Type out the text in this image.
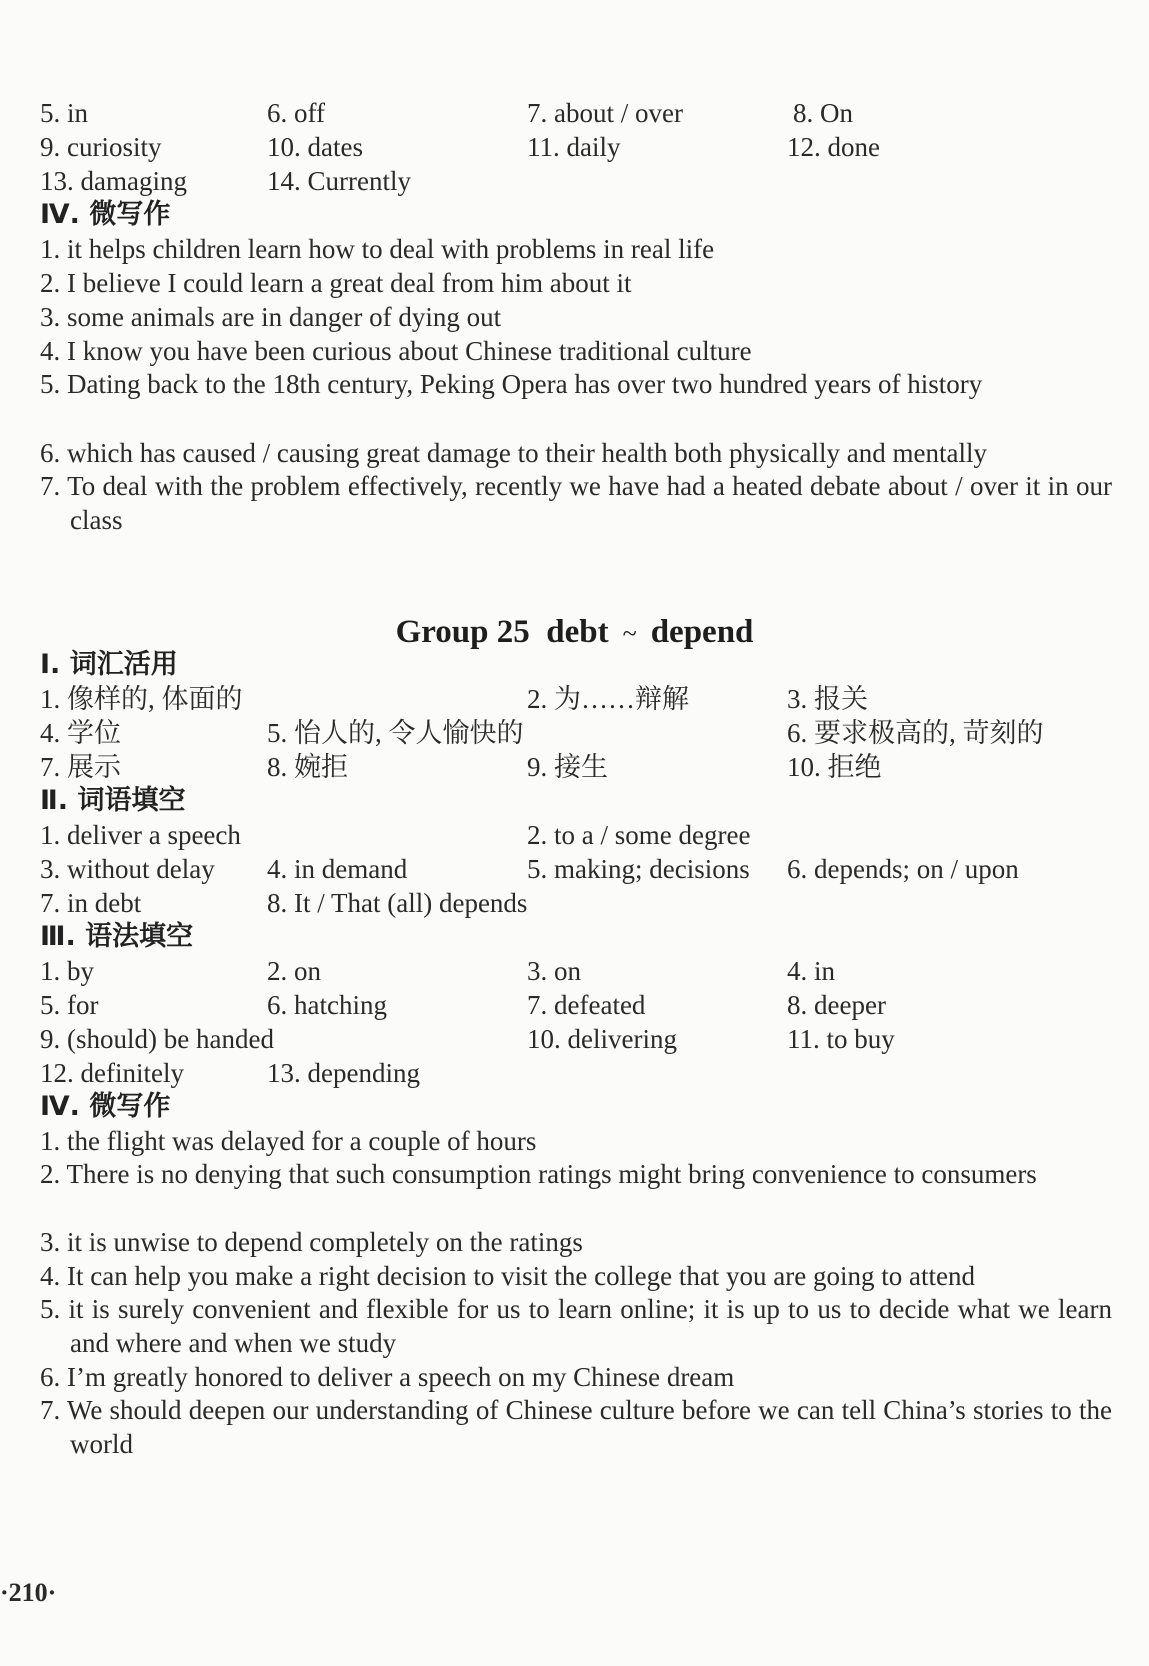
5. in	6. off	7. about / over	8. On
9. curiosity	10. dates	11. daily	12. done
13. damaging	14. Currently
Ⅳ. 微写作
1. it helps children learn how to deal with problems in real life
2. I believe I could learn a great deal from him about it
3. some animals are in danger of dying out
4. I know you have been curious about Chinese traditional culture
5. Dating back to the 18th century, Peking Opera has over two hundred years of history
6. which has caused / causing great damage to their health both physically and mentally
7. To deal with the problem effectively, recently we have had a heated debate about / over it in our class
Group 25  debt ~ depend
Ⅰ. 词汇活用
1. 像样的, 体面的	2. 为……辩解	3. 报关
4. 学位	5. 怡人的, 令人愉快的	6. 要求极高的, 苛刻的
7. 展示	8. 婉拒	9. 接生	10. 拒绝
Ⅱ. 词语填空
1. deliver a speech	2. to a / some degree
3. without delay 4. in demand	5. making; decisions 6. depends; on / upon
7. in debt	8. It / That (all) depends
Ⅲ. 语法填空
1. by	2. on	3. on	4. in
5. for	6. hatching	7. defeated	8. deeper
9. (should) be handed	10. delivering	11. to buy
12. definitely	13. depending
Ⅳ. 微写作
1. the flight was delayed for a couple of hours
2. There is no denying that such consumption ratings might bring convenience to consumers
3. it is unwise to depend completely on the ratings
4. It can help you make a right decision to visit the college that you are going to attend
5. it is surely convenient and flexible for us to learn online; it is up to us to decide what we learn and where and when we study
6. I’m greatly honored to deliver a speech on my Chinese dream
7. We should deepen our understanding of Chinese culture before we can tell China’s stories to the world
·210·
